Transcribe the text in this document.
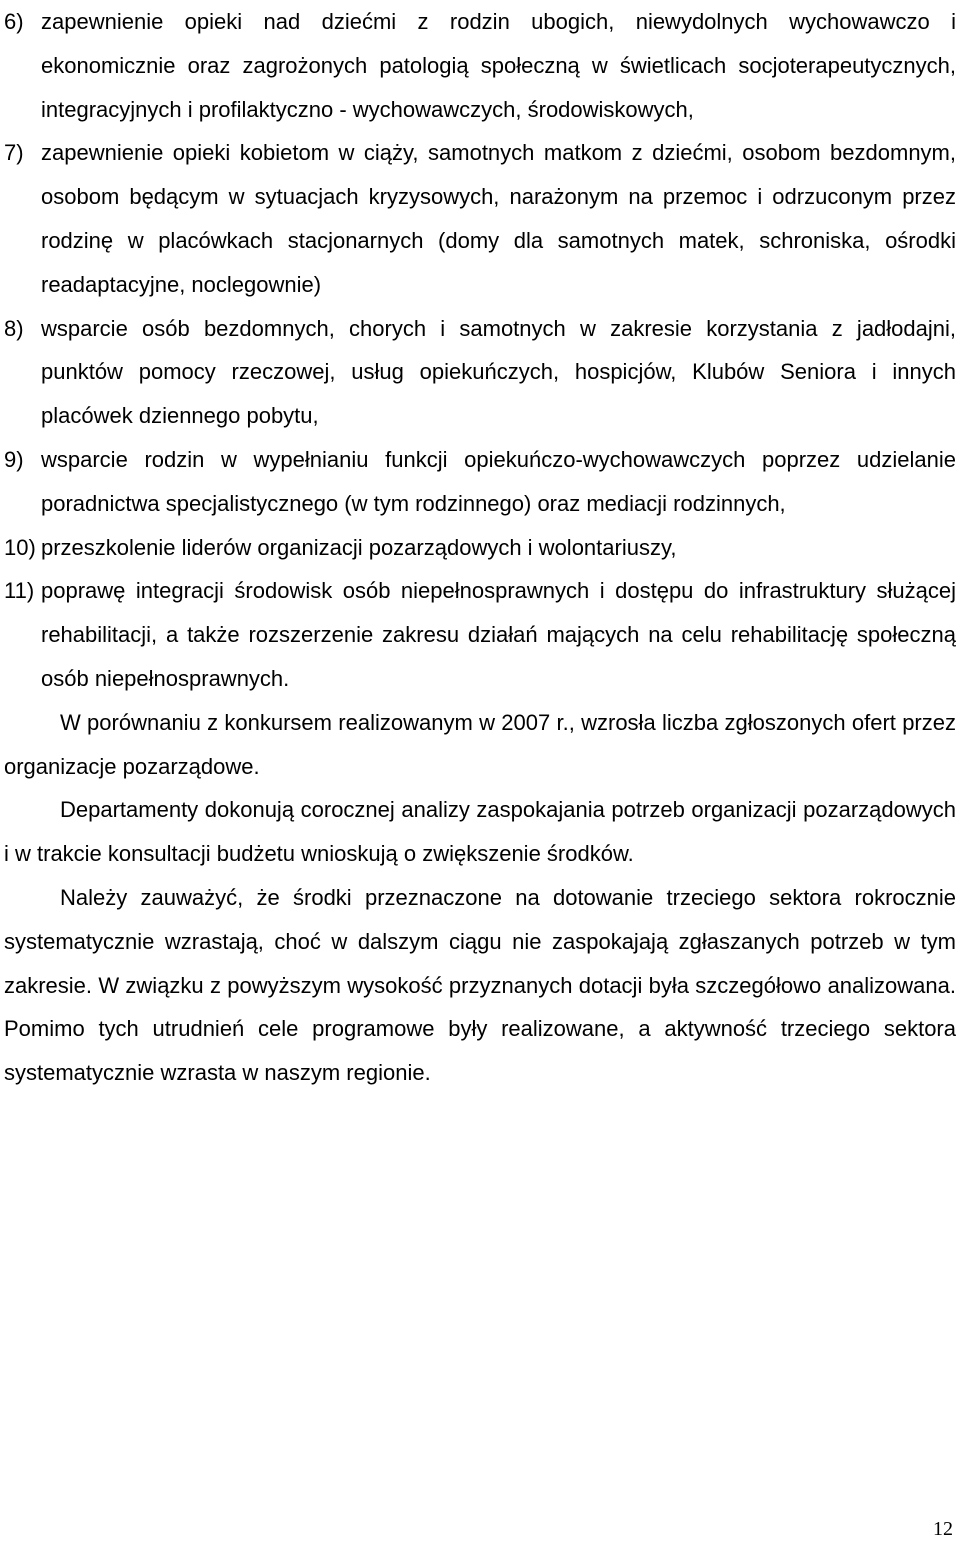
6) zapewnienie opieki nad dziećmi z rodzin ubogich, niewydolnych wychowawczo i ekonomicznie oraz zagrożonych patologią społeczną w świetlicach socjoterapeutycznych, integracyjnych i profilaktyczno - wychowawczych, środowiskowych,
7) zapewnienie opieki kobietom w ciąży, samotnych matkom z dziećmi, osobom bezdomnym, osobom będącym w sytuacjach kryzysowych, narażonym na przemoc i odrzuconym przez rodzinę w placówkach stacjonarnych (domy dla samotnych matek, schroniska, ośrodki readaptacyjne, noclegownie)
8) wsparcie osób bezdomnych, chorych i samotnych w zakresie korzystania z jadłodajni, punktów pomocy rzeczowej, usług opiekuńczych, hospicjów, Klubów Seniora i innych placówek dziennego pobytu,
9) wsparcie rodzin w wypełnianiu funkcji opiekuńczo-wychowawczych poprzez udzielanie poradnictwa specjalistycznego (w tym rodzinnego) oraz mediacji rodzinnych,
10) przeszkolenie liderów organizacji pozarządowych i wolontariuszy,
11) poprawę integracji środowisk osób niepełnosprawnych i dostępu do infrastruktury służącej rehabilitacji, a także rozszerzenie zakresu działań mających na celu rehabilitację społeczną osób niepełnosprawnych.

W porównaniu z konkursem realizowanym w 2007 r., wzrosła liczba zgłoszonych ofert przez organizacje pozarządowe.

Departamenty dokonują corocznej analizy zaspokajania potrzeb organizacji pozarządowych i w trakcie konsultacji budżetu wnioskują o zwiększenie środków.

Należy zauważyć, że środki przeznaczone na dotowanie trzeciego sektora rokrocznie systematycznie wzrastają, choć w dalszym ciągu nie zaspokajają zgłaszanych potrzeb w tym zakresie. W związku z powyższym wysokość przyznanych dotacji była szczegółowo analizowana. Pomimo tych utrudnień cele programowe były realizowane, a aktywność trzeciego sektora systematycznie wzrasta w naszym regionie.

12
